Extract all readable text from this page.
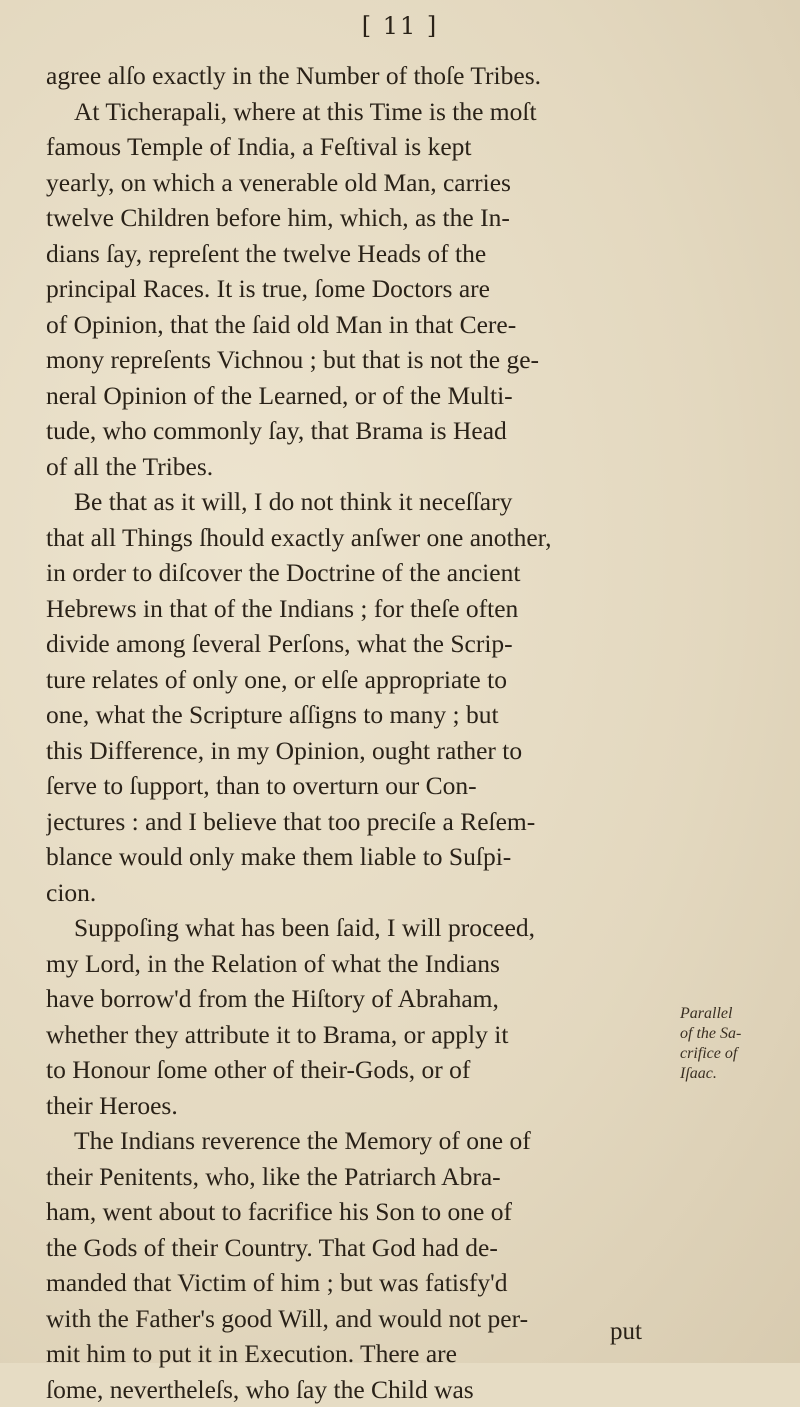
[ 11 ]
agree alſo exactly in the Number of thoſe Tribes.
At Ticherapali, where at this Time is the moſt
famous Temple of India, a Feſtival is kept
yearly, on which a venerable old Man, carries
twelve Children before him, which, as the In-
dians ſay, repreſent the twelve Heads of the
principal Races. It is true, ſome Doctors are
of Opinion, that the ſaid old Man in that Cere-
mony repreſents Vichnou ; but that is not the ge-
neral Opinion of the Learned, or of the Multi-
tude, who commonly ſay, that Brama is Head
of all the Tribes.
Be that as it will, I do not think it neceſſary
that all Things ſhould exactly anſwer one another,
in order to diſcover the Doctrine of the ancient
Hebrews in that of the Indians ; for theſe often
divide among ſeveral Perſons, what the Scrip-
ture relates of only one, or elſe appropriate to
one, what the Scripture aſſigns to many ; but
this Difference, in my Opinion, ought rather to
ſerve to ſupport, than to overturn our Con-
jectures : and I believe that too preciſe a Reſem-
blance would only make them liable to Suſpi-
cion.
Suppoſing what has been ſaid, I will proceed,
my Lord, in the Relation of what the Indians
have borrow'd from the Hiſtory of Abraham,
whether they attribute it to Brama, or apply it
to Honour ſome other of their-Gods, or of
their Heroes.
The Indians reverence the Memory of one of
their Penitents, who, like the Patriarch Abra-
ham, went about to facrifice his Son to one of
the Gods of their Country. That God had de-
manded that Victim of him ; but was fatisfy'd
with the Father's good Will, and would not per-
mit him to put it in Execution. There are
ſome, nevertheleſs, who ſay the Child was
Parallel
of the Sa-
crifice of
Iſaac.
put
